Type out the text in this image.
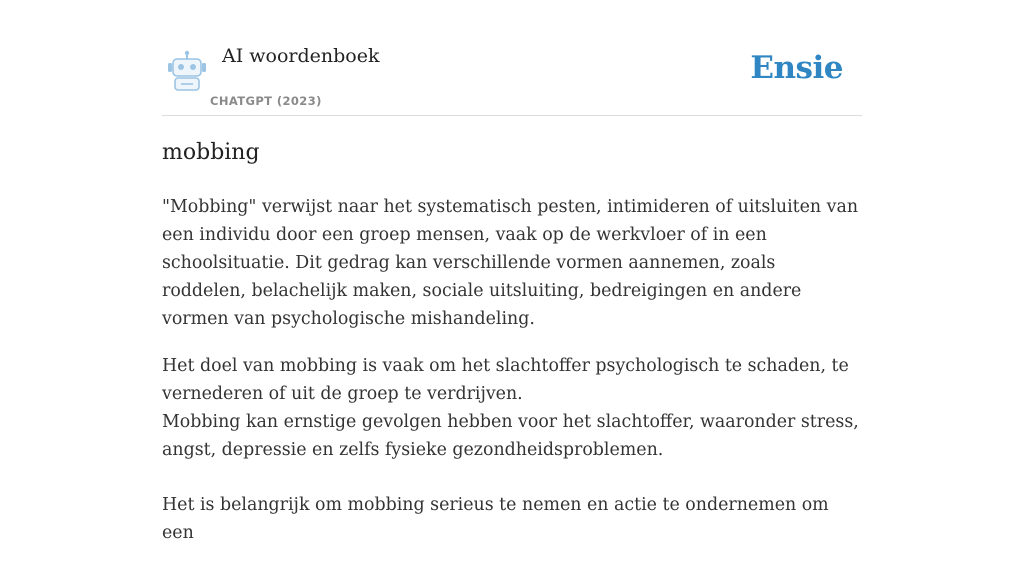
AI woordenboek
CHATGPT (2023)
Ensie
mobbing

"Mobbing" verwijst naar het systematisch pesten, intimideren of uitsluiten van een individu door een groep mensen, vaak op de werkvloer of in een schoolsituatie. Dit gedrag kan verschillende vormen aannemen, zoals roddelen, belachelijk maken, sociale uitsluiting, bedreigingen en andere vormen van psychologische mishandeling.

Het doel van mobbing is vaak om het slachtoffer psychologisch te schaden, te vernederen of uit de groep te verdrijven.

Mobbing kan ernstige gevolgen hebben voor het slachtoffer, waaronder stress, angst, depressie en zelfs fysieke gezondheidsproblemen.

Het is belangrijk om mobbing serieus te nemen en actie te ondernemen om een
